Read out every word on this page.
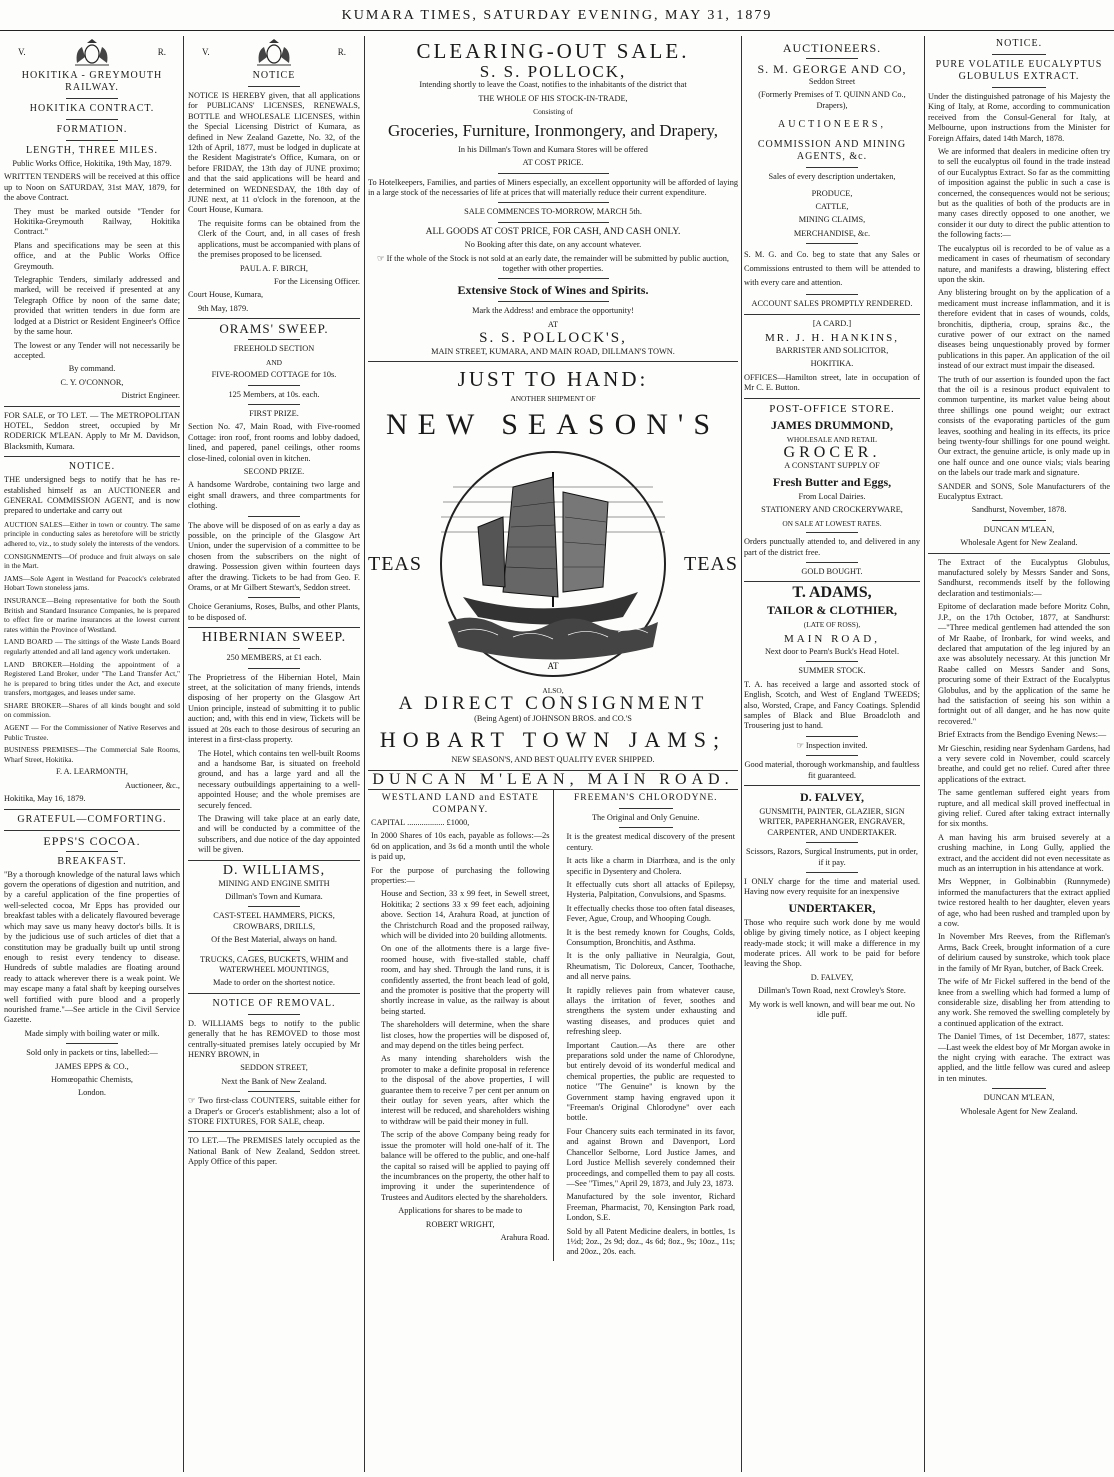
KUMARA TIMES, SATURDAY EVENING, MAY 31, 1879
V.	R.
HOKITIKA - GREYMOUTH RAILWAY.
HOKITIKA CONTRACT.
FORMATION.
LENGTH, THREE MILES.

Public Works Office, Hokitika, 19th May, 1879.

WRITTEN TENDERS will be received at this office up to Noon on SATURDAY, 31st MAY, 1879, for the above Contract.

They must be marked outside "Tender for Hokitika-Greymouth Railway, Hokitika Contract."

Plans and specifications may be seen at this office, and at the Public Works Office Greymouth.

Telegraphic Tenders, similarly addressed and marked, will be received if presented at any Telegraph Office by noon of the same date; provided that written tenders in due form are lodged at a District or Resident Engineer's Office by the same hour.

The lowest or any Tender will not necessarily be accepted.

By command.

C. Y. O'CONNOR,

District Engineer.

FOR SALE, or TO LET. — The METROPOLITAN HOTEL, Seddon street, occupied by Mr RODERICK M'LEAN. Apply to Mr M. Davidson, Blacksmith, Kumara.

NOTICE.

THE undersigned begs to notify that he has re-established himself as an AUCTIONEER and GENERAL COMMISSION AGENT, and is now prepared to undertake and carry out

AUCTION SALES—Either in town or country. The same principle in conducting sales as heretofore will be strictly adhered to, viz., to study solely the interests of the vendors.

CONSIGNMENTS—Of produce and fruit always on sale in the Mart.

JAMS—Sole Agent in Westland for Peacock's celebrated Hobart Town stoneless jams.

INSURANCE—Being representative for both the South British and Standard Insurance Companies, he is prepared to effect fire or marine insurances at the lowest current rates within the Province of Westland.

LAND BOARD — The sittings of the Waste Lands Board regularly attended and all land agency work undertaken.

LAND BROKER—Holding the appointment of a Registered Land Broker, under "The Land Transfer Act," he is prepared to bring titles under the Act, and execute transfers, mortgages, and leases under same.

SHARE BROKER—Shares of all kinds bought and sold on commission.

AGENT — For the Commissioner of Native Reserves and Public Trustee.

BUSINESS PREMISES—The Commercial Sale Rooms, Wharf Street, Hokitika.

F. A. LEARMONTH,

Auctioneer, &c.,

Hokitika, May 16, 1879.

GRATEFUL—COMFORTING.
EPPS'S COCOA.
BREAKFAST.

"By a thorough knowledge of the natural laws which govern the operations of digestion and nutrition, and by a careful application of the fine properties of well-selected cocoa, Mr Epps has provided our breakfast tables with a delicately flavoured beverage which may save us many heavy doctor's bills. It is by the judicious use of such articles of diet that a constitution may be gradually built up until strong enough to resist every tendency to disease. Hundreds of subtle maladies are floating around ready to attack wherever there is a weak point. We may escape many a fatal shaft by keeping ourselves well fortified with pure blood and a properly nourished frame."—See article in the Civil Service Gazette.

Made simply with boiling water or milk.

Sold only in packets or tins, labelled:—

JAMES EPPS & CO.,

Homœopathic Chemists,

London.

V.	R.
NOTICE

NOTICE IS HEREBY given, that all applications for PUBLICANS' LICENSES, RENEWALS, BOTTLE and WHOLESALE LICENSES, within the Special Licensing District of Kumara, as defined in New Zealand Gazette, No. 32, of the 12th of April, 1877, must be lodged in duplicate at the Resident Magistrate's Office, Kumara, on or before FRIDAY, the 13th day of JUNE proximo; and that the said applications will be heard and determined on WEDNESDAY, the 18th day of JUNE next, at 11 o'clock in the forenoon, at the Court House, Kumara.

The requisite forms can be obtained from the Clerk of the Court, and, in all cases of fresh applications, must be accompanied with plans of the premises proposed to be licensed.

PAUL A. F. BIRCH,

For the Licensing Officer.

Court House, Kumara,

9th May, 1879.

ORAMS' SWEEP.

FREEHOLD SECTION

AND

FIVE-ROOMED COTTAGE for 10s.

125 Members, at 10s. each.

FIRST PRIZE.

Section No. 47, Main Road, with Five-roomed Cottage: iron roof, front rooms and lobby dadoed, lined, and papered, panel ceilings, other rooms close-lined, colonial oven in kitchen.

SECOND PRIZE.

A handsome Wardrobe, containing two large and eight small drawers, and three compartments for clothing.

The above will be disposed of on as early a day as possible, on the principle of the Glasgow Art Union, under the supervision of a committee to be chosen from the subscribers on the night of drawing. Possession given within fourteen days after the drawing. Tickets to be had from Geo. F. Orams, or at Mr Gilbert Stewart's, Seddon street.

Choice Geraniums, Roses, Bulbs, and other Plants, to be disposed of.

HIBERNIAN SWEEP.

250 MEMBERS, at £1 each.

The Proprietress of the Hibernian Hotel, Main street, at the solicitation of many friends, intends disposing of her property on the Glasgow Art Union principle, instead of submitting it to public auction; and, with this end in view, Tickets will be issued at 20s each to those desirous of securing an interest in a first-class property.

The Hotel, which contains ten well-built Rooms and a handsome Bar, is situated on freehold ground, and has a large yard and all the necessary outbuildings appertaining to a well-appointed House; and the whole premises are securely fenced.

The Drawing will take place at an early date, and will be conducted by a committee of the subscribers, and due notice of the day appointed will be given.

D. WILLIAMS,

MINING AND ENGINE SMITH

Dillman's Town and Kumara.

CAST-STEEL HAMMERS, PICKS, CROWBARS, DRILLS,

Of the Best Material, always on hand.

TRUCKS, CAGES, BUCKETS, WHIM and WATERWHEEL MOUNTINGS,

Made to order on the shortest notice.

NOTICE OF REMOVAL.

D. WILLIAMS begs to notify to the public generally that he has REMOVED to those most centrally-situated premises lately occupied by Mr HENRY BROWN, in

SEDDON STREET,

Next the Bank of New Zealand.

☞ Two first-class COUNTERS, suitable either for a Draper's or Grocer's establishment; also a lot of STORE FIXTURES, FOR SALE, cheap.

TO LET.—The PREMISES lately occupied as the National Bank of New Zealand, Seddon street. Apply Office of this paper.

CLEARING-OUT SALE.
S. S. POLLOCK,

Intending shortly to leave the Coast, notifies to the inhabitants of the district that

THE WHOLE OF HIS STOCK-IN-TRADE,

Consisting of

Groceries, Furniture, Ironmongery, and Drapery,

In his Dillman's Town and Kumara Stores will be offered

AT COST PRICE.

To Hotelkeepers, Families, and parties of Miners especially, an excellent opportunity will be afforded of laying in a large stock of the necessaries of life at prices that will materially reduce their current expenditure.

SALE COMMENCES TO-MORROW, MARCH 5th.

ALL GOODS AT COST PRICE, FOR CASH, AND CASH ONLY.

No Booking after this date, on any account whatever.

☞ If the whole of the Stock is not sold at an early date, the remainder will be submitted by public auction, together with other properties.

Extensive Stock of Wines and Spirits.

Mark the Address! and embrace the opportunity!

AT

S. S. POLLOCK'S,

MAIN STREET, KUMARA, AND MAIN ROAD, DILLMAN'S TOWN.

JUST TO HAND:

ANOTHER SHIPMENT OF

NEW SEASON'S
TEAS
AT
TEAS

ALSO,

A DIRECT CONSIGNMENT

(Being Agent) of JOHNSON BROS. and CO.'S

HOBART TOWN JAMS;

NEW SEASON'S, AND BEST QUALITY EVER SHIPPED.

DUNCAN M'LEAN, MAIN ROAD.
WESTLAND LAND and ESTATE COMPANY.

CAPITAL .................. £1000,

In 2000 Shares of 10s each, payable as follows:—2s 6d on application, and 3s 6d a month until the whole is paid up,

For the purpose of purchasing the following properties:—

House and Section, 33 x 99 feet, in Sewell street, Hokitika; 2 sections 33 x 99 feet each, adjoining above. Section 14, Arahura Road, at junction of the Christchurch Road and the proposed railway, which will be divided into 20 building allotments.

On one of the allotments there is a large five-roomed house, with five-stalled stable, chaff room, and hay shed. Through the land runs, it is confidently asserted, the front beach lead of gold, and the promoter is positive that the property will shortly increase in value, as the railway is about being started.

The shareholders will determine, when the share list closes, how the properties will be disposed of, and may depend on the titles being perfect.

As many intending shareholders wish the promoter to make a definite proposal in reference to the disposal of the above properties, I will guarantee them to receive 7 per cent per annum on their outlay for seven years, after which the interest will be reduced, and shareholders wishing to withdraw will be paid their money in full.

The scrip of the above Company being ready for issue the promoter will hold one-half of it. The balance will be offered to the public, and one-half the capital so raised will be applied to paying off the incumbrances on the property, the other half to improving it under the superintendence of Trustees and Auditors elected by the shareholders.

Applications for shares to be made to

ROBERT WRIGHT,

Arahura Road.

FREEMAN'S CHLORODYNE.

The Original and Only Genuine.

It is the greatest medical discovery of the present century.

It acts like a charm in Diarrhœa, and is the only specific in Dysentery and Cholera.

It effectually cuts short all attacks of Epilepsy, Hysteria, Palpitation, Convulsions, and Spasms.

It effectually checks those too often fatal diseases, Fever, Ague, Croup, and Whooping Cough.

It is the best remedy known for Coughs, Colds, Consumption, Bronchitis, and Asthma.

It is the only palliative in Neuralgia, Gout, Rheumatism, Tic Doloreux, Cancer, Toothache, and all nerve pains.

It rapidly relieves pain from whatever cause, allays the irritation of fever, soothes and strengthens the system under exhausting and wasting diseases, and produces quiet and refreshing sleep.

Important Caution.—As there are other preparations sold under the name of Chlorodyne, but entirely devoid of its wonderful medical and chemical properties, the public are requested to notice "The Genuine" is known by the Government stamp having engraved upon it "Freeman's Original Chlorodyne" over each bottle.

Four Chancery suits each terminated in its favor, and against Brown and Davenport, Lord Chancellor Selborne, Lord Justice James, and Lord Justice Mellish severely condemned their proceedings, and compelled them to pay all costs.—See "Times," April 29, 1873, and July 23, 1873.

Manufactured by the sole inventor, Richard Freeman, Pharmacist, 70, Kensington Park road, London, S.E.

Sold by all Patent Medicine dealers, in bottles, 1s 1½d; 2oz., 2s 9d; doz., 4s 6d; 8oz., 9s; 10oz., 11s; and 20oz., 20s. each.

AUCTIONEERS.
S. M. GEORGE AND CO,

Seddon Street

(Formerly Premises of T. QUINN AND Co., Drapers),

AUCTIONEERS,
COMMISSION AND MINING AGENTS, &c.

Sales of every description undertaken,

PRODUCE,

CATTLE,

MINING CLAIMS,

MERCHANDISE, &c.

S. M. G. and Co. beg to state that any Sales or Commissions entrusted to them will be attended to with every care and attention.

ACCOUNT SALES PROMPTLY RENDERED.

[A CARD.]

MR. J. H. HANKINS,

BARRISTER AND SOLICITOR,

HOKITIKA.

OFFICES—Hamilton street, late in occupation of Mr C. E. Button.

POST-OFFICE STORE.
JAMES DRUMMOND,

WHOLESALE AND RETAIL

GROCER.

A CONSTANT SUPPLY OF

Fresh Butter and Eggs,

From Local Dairies.

STATIONERY AND CROCKERYWARE,

ON SALE AT LOWEST RATES.

Orders punctually attended to, and delivered in any part of the district free.

GOLD BOUGHT.

T. ADAMS,
TAILOR & CLOTHIER,

(LATE OF ROSS),

MAIN ROAD,

Next door to Pearn's Buck's Head Hotel.

SUMMER STOCK.

T. A. has received a large and assorted stock of English, Scotch, and West of England TWEEDS; also, Worsted, Crape, and Fancy Coatings. Splendid samples of Black and Blue Broadcloth and Trousering just to hand.

☞ Inspection invited.

Good material, thorough workmanship, and faultless fit guaranteed.

D. FALVEY,

GUNSMITH, PAINTER, GLAZIER, SIGN WRITER, PAPERHANGER, ENGRAVER, CARPENTER, AND UNDERTAKER.

Scissors, Razors, Surgical Instruments, put in order, if it pay.

I ONLY charge for the time and material used. Having now every requisite for an inexpensive

UNDERTAKER,

Those who require such work done by me would oblige by giving timely notice, as I object keeping ready-made stock; it will make a difference in my moderate prices. All work to be paid for before leaving the Shop.

D. FALVEY,

Dillman's Town Road, next Crowley's Store.

My work is well known, and will bear me out. No idle puff.

NOTICE.
PURE VOLATILE EUCALYPTUS GLOBULUS EXTRACT.

Under the distinguished patronage of his Majesty the King of Italy, at Rome, according to communication received from the Consul-General for Italy, at Melbourne, upon instructions from the Minister for Foreign Affairs, dated 14th March, 1878.

We are informed that dealers in medicine often try to sell the eucalyptus oil found in the trade instead of our Eucalyptus Extract. So far as the committing of imposition against the public in such a case is concerned, the consequences would not be serious; but as the qualities of both of the products are in many cases directly opposed to one another, we consider it our duty to direct the public attention to the following facts:—

The eucalyptus oil is recorded to be of value as a medicament in cases of rheumatism of secondary nature, and manifests a drawing, blistering effect upon the skin.

Any blistering brought on by the application of a medicament must increase inflammation, and it is therefore evident that in cases of wounds, colds, bronchitis, diptheria, croup, sprains &c., the curative power of our extract on the named diseases being unquestionably proved by former publications in this paper. An application of the oil instead of our extract must impair the diseased.

The truth of our assertion is founded upon the fact that the oil is a resinous product equivalent to common turpentine, its market value being about three shillings one pound weight; our extract consists of the evaporating particles of the gum leaves, soothing and healing in its effects, its price being twenty-four shillings for one pound weight. Our extract, the genuine article, is only made up in one half ounce and one ounce vials; vials bearing on the labels our trade mark and signature.

SANDER and SONS, Sole Manufacturers of the Eucalyptus Extract.

Sandhurst, November, 1878.

DUNCAN M'LEAN,

Wholesale Agent for New Zealand.

The Extract of the Eucalyptus Globulus, manufactured solely by Messrs Sander and Sons, Sandhurst, recommends itself by the following declaration and testimonials:—

Epitome of declaration made before Moritz Cohn, J.P., on the 17th October, 1877, at Sandhurst:—"Three medical gentlemen had attended the son of Mr Raabe, of Ironbark, for wind weeks, and declared that amputation of the leg injured by an axe was absolutely necessary. At this junction Mr Raabe called on Messrs Sander and Sons, procuring some of their Extract of the Eucalyptus Globulus, and by the application of the same he had the satisfaction of seeing his son within a fortnight out of all danger, and he has now quite recovered."

Brief Extracts from the Bendigo Evening News:—

Mr Gieschin, residing near Sydenham Gardens, had a very severe cold in November, could scarcely breathe, and could get no relief. Cured after three applications of the extract.

The same gentleman suffered eight years from rupture, and all medical skill proved ineffectual in giving relief. Cured after taking extract internally for six months.

A man having his arm bruised severely at a crushing machine, in Long Gully, applied the extract, and the accident did not even necessitate as much as an interruption in his attendance at work.

Mrs Weppner, in Golbinabbin (Runnymede) informed the manufacturers that the extract applied twice restored health to her daughter, eleven years of age, who had been rushed and trampled upon by a cow.

In November Mrs Reeves, from the Rifleman's Arms, Back Creek, brought information of a cure of delirium caused by sunstroke, which took place in the family of Mr Ryan, butcher, of Back Creek.

The wife of Mr Fickel suffered in the bend of the knee from a swelling which had formed a lump of considerable size, disabling her from attending to any work. She removed the swelling completely by a continued application of the extract.

The Daniel Times, of 1st December, 1877, states:—Last week the eldest boy of Mr Morgan awoke in the night crying with earache. The extract was applied, and the little fellow was cured and asleep in ten minutes.

DUNCAN M'LEAN,

Wholesale Agent for New Zealand.
